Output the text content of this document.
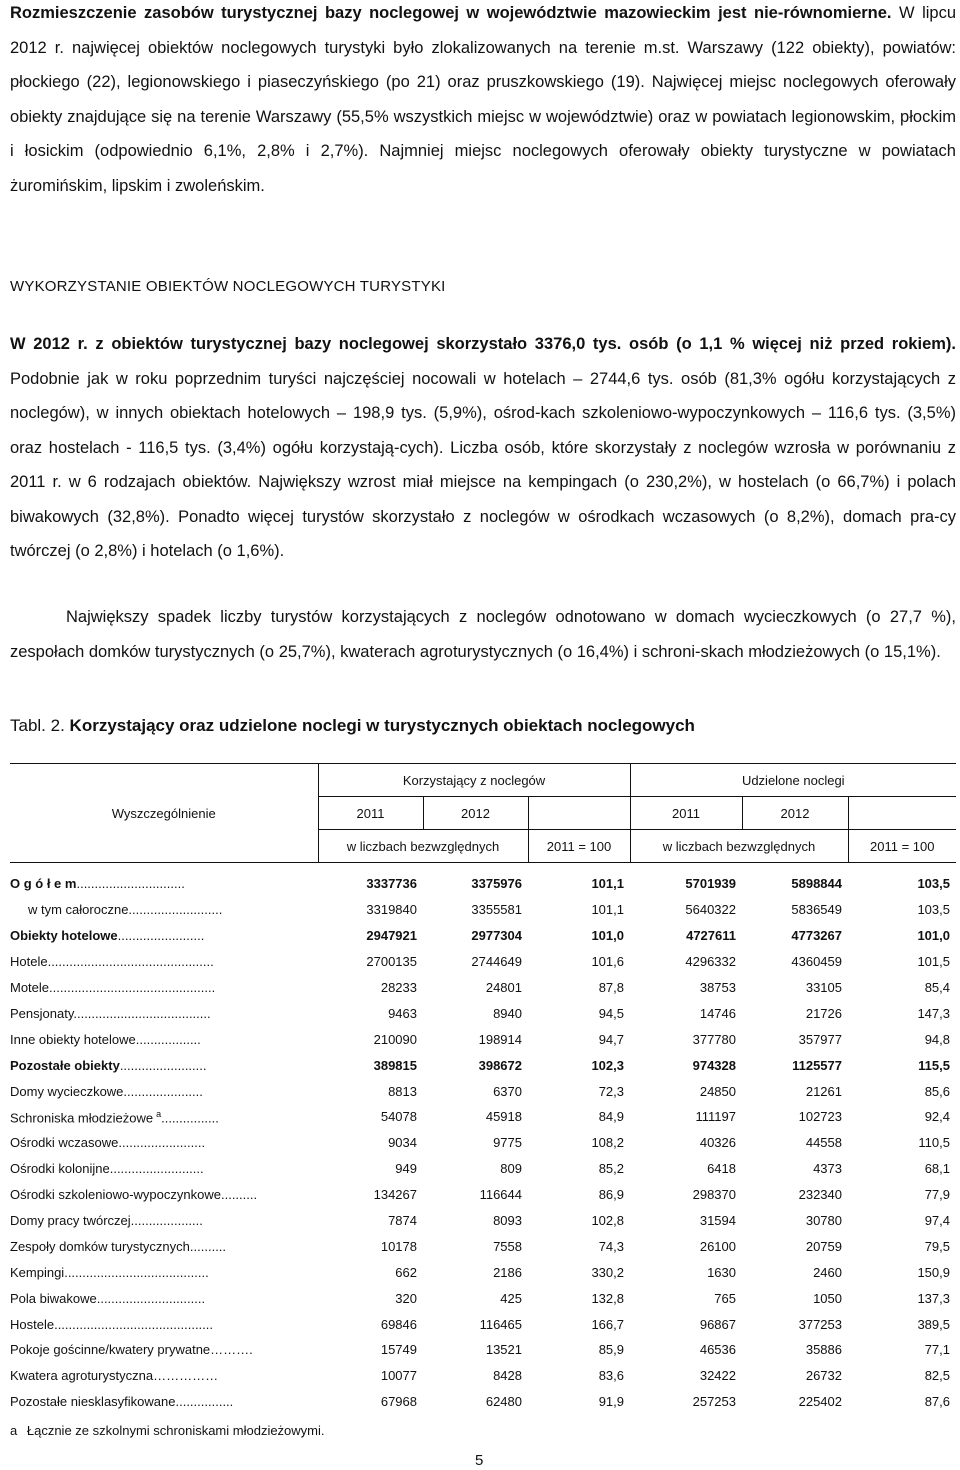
Rozmieszczenie zasobów turystycznej bazy noclegowej w województwie mazowieckim jest nie-równomierne. W lipcu 2012 r. najwięcej obiektów noclegowych turystyki było zlokalizowanych na terenie m.st. Warszawy (122 obiekty), powiatów: płockiego (22), legionowskiego i piaseczyńskiego (po 21) oraz pruszkowskiego (19). Najwięcej miejsc noclegowych oferowały obiekty znajdujące się na terenie Warszawy (55,5% wszystkich miejsc w województwie) oraz w powiatach legionowskim, płockim i łosickim (odpowiednio 6,1%, 2,8% i 2,7%). Najmniej miejsc noclegowych oferowały obiekty turystyczne w powiatach żuromińskim, lipskim i zwoleńskim.

WYKORZYSTANIE OBIEKTÓW NOCLEGOWYCH TURYSTYKI

W 2012 r. z obiektów turystycznej bazy noclegowej skorzystało 3376,0 tys. osób (o 1,1 % więcej niż przed rokiem). Podobnie jak w roku poprzednim turyści najczęściej nocowali w hotelach – 2744,6 tys. osób (81,3% ogółu korzystających z noclegów), w innych obiektach hotelowych – 198,9 tys. (5,9%), ośrod-kach szkoleniowo-wypoczynkowych – 116,6 tys. (3,5%) oraz hostelach - 116,5 tys. (3,4%) ogółu korzystają-cych). Liczba osób, które skorzystały z noclegów wzrosła w porównaniu z 2011 r. w 6 rodzajach obiektów. Największy wzrost miał miejsce na kempingach (o 230,2%), w hostelach (o 66,7%) i polach biwakowych (32,8%). Ponadto więcej turystów skorzystało z noclegów w ośrodkach wczasowych (o 8,2%), domach pra-cy twórczej (o 2,8%) i hotelach (o 1,6%).

Największy spadek liczby turystów korzystających z noclegów odnotowano w domach wycieczkowych (o 27,7 %), zespołach domków turystycznych (o 25,7%), kwaterach agroturystycznych (o 16,4%) i schroni-skach młodzieżowych (o 15,1%).

Tabl. 2. Korzystający oraz udzielone noclegi w turystycznych obiektach noclegowych
Wyszczególnienie	Korzystający z noclegów			Udzielone noclegi		
	2011	2012		2011	2012	
	w liczbach bezwzględnych		2011 = 100	w liczbach bezwzględnych		2011 = 100

O g ó ł e m..............................	3337736	3375976	101,1	5701939	5898844	103,5
w tym całoroczne..........................	3319840	3355581	101,1	5640322	5836549	103,5
Obiekty hotelowe........................	2947921	2977304	101,0	4727611	4773267	101,0
Hotele..............................................	2700135	2744649	101,6	4296332	4360459	101,5
Motele..............................................	28233	24801	87,8	38753	33105	85,4
Pensjonaty......................................	9463	8940	94,5	14746	21726	147,3
Inne obiekty hotelowe..................	210090	198914	94,7	377780	357977	94,8
Pozostałe obiekty........................	389815	398672	102,3	974328	1125577	115,5
Domy wycieczkowe......................	8813	6370	72,3	24850	21261	85,6
Schroniska młodzieżowe $^a$................	54078	45918	84,9	111197	102723	92,4
Ośrodki wczasowe........................	9034	9775	108,2	40326	44558	110,5
Ośrodki kolonijne..........................	949	809	85,2	6418	4373	68,1
Ośrodki szkoleniowo-wypoczynkowe..........	134267	116644	86,9	298370	232340	77,9
Domy pracy twórczej....................	7874	8093	102,8	31594	30780	97,4
Zespoły domków turystycznych..........	10178	7558	74,3	26100	20759	79,5
Kempingi........................................	662	2186	330,2	1630	2460	150,9
Pola biwakowe..............................	320	425	132,8	765	1050	137,3
Hostele............................................	69846	116465	166,7	96867	377253	389,5
Pokoje gościnne/kwatery prywatne……….	15749	13521	85,9	46536	35886	77,1
Kwatera agroturystyczna……………	10077	8428	83,6	32422	26732	82,5
Pozostałe niesklasyfikowane................	67968	62480	91,9	257253	225402	87,6
a Łącznie ze szkolnymi schroniskami młodzieżowymi.
5
